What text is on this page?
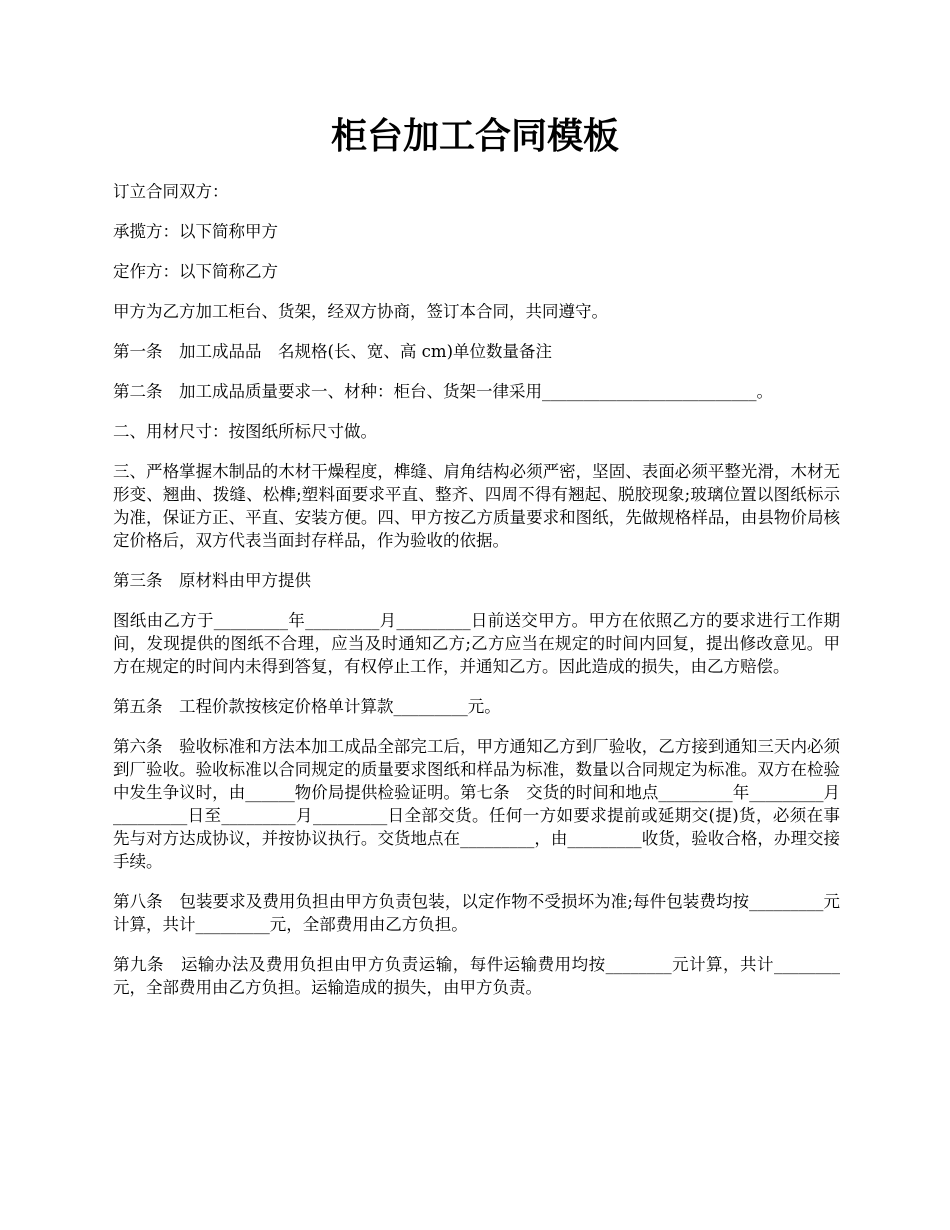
柜台加工合同模板

订立合同双方：

承揽方：以下简称甲方

定作方：以下简称乙方

甲方为乙方加工柜台、货架，经双方协商，签订本合同，共同遵守。

第一条　加工成品品　名规格(长、宽、高 cm)单位数量备注

第二条　加工成品质量要求一、材种：柜台、货架一律采用__________________________。

二、用材尺寸：按图纸所标尺寸做。

三、严格掌握木制品的木材干燥程度，榫缝、肩角结构必须严密，坚固、表面必须平整光滑，木材无形变、翘曲、拨缝、松榫;塑料面要求平直、整齐、四周不得有翘起、脱胶现象;玻璃位置以图纸标示为准，保证方正、平直、安装方便。四、甲方按乙方质量要求和图纸，先做规格样品，由县物价局核定价格后，双方代表当面封存样品，作为验收的依据。

第三条　原材料由甲方提供

图纸由乙方于_________年_________月_________日前送交甲方。甲方在依照乙方的要求进行工作期间，发现提供的图纸不合理，应当及时通知乙方;乙方应当在规定的时间内回复，提出修改意见。甲方在规定的时间内未得到答复，有权停止工作，并通知乙方。因此造成的损失，由乙方赔偿。

第五条　工程价款按核定价格单计算款_________元。

第六条　验收标准和方法本加工成品全部完工后，甲方通知乙方到厂验收，乙方接到通知三天内必须到厂验收。验收标准以合同规定的质量要求图纸和样品为标准，数量以合同规定为标准。双方在检验中发生争议时，由______物价局提供检验证明。第七条　交货的时间和地点_________年_________月_________日至_________月_________日全部交货。任何一方如要求提前或延期交(提)货，必须在事先与对方达成协议，并按协议执行。交货地点在_________，由_________收货，验收合格，办理交接手续。

第八条　包装要求及费用负担由甲方负责包装，以定作物不受损坏为准;每件包装费均按_________元计算，共计_________元，全部费用由乙方负担。

第九条　运输办法及费用负担由甲方负责运输，每件运输费用均按________元计算，共计________元，全部费用由乙方负担。运输造成的损失，由甲方负责。
